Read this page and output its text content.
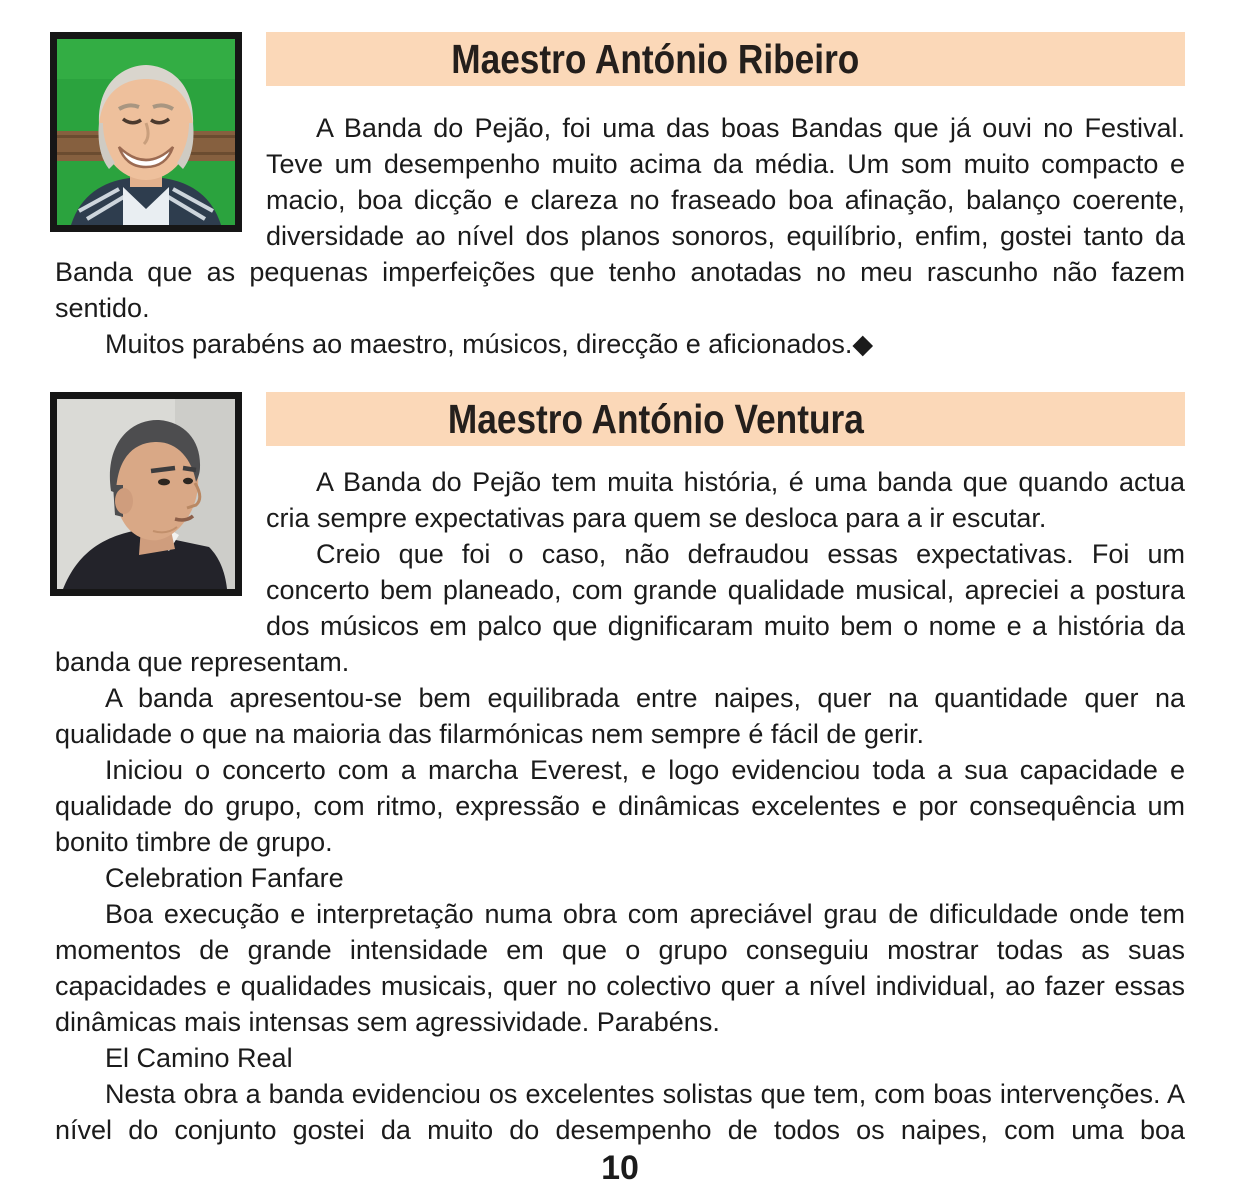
Maestro António Ribeiro

A Banda do Pejão, foi uma das boas Bandas que já ouvi no Festival. Teve um desempenho muito acima da média. Um som muito compacto e macio, boa dicção e clareza no fraseado boa afinação, balanço coerente, diversidade ao nível dos planos sonoros, equilíbrio, enfim, gostei tanto da Banda que as pequenas imperfeições que tenho anotadas no meu rascunho não fazem sentido.

Muitos parabéns ao maestro, músicos, direcção e aficionados.◆

Maestro António Ventura

A Banda do Pejão tem muita história, é uma banda que quando actua cria sempre expectativas para quem se desloca para a ir escutar.

Creio que foi o caso, não defraudou essas expectativas. Foi um concerto bem planeado, com grande qualidade musical, apreciei a postura dos músicos em palco que dignificaram muito bem o nome e a história da banda que representam.

A banda apresentou-se bem equilibrada entre naipes, quer na quantidade quer na qualidade o que na maioria das filarmónicas nem sempre é fácil de gerir.

Iniciou o concerto com a marcha Everest, e logo evidenciou toda a sua capacidade e qualidade do grupo, com ritmo, expressão e dinâmicas excelentes e por consequência um bonito timbre de grupo.

Celebration Fanfare

Boa execução e interpretação numa obra com apreciável grau de dificuldade onde tem momentos de grande intensidade em que o grupo conseguiu mostrar todas as suas capacidades e qualidades musicais, quer no colectivo quer a nível individual, ao fazer essas dinâmicas mais intensas sem agressividade. Parabéns.

El Camino Real

Nesta obra a banda evidenciou os excelentes solistas que tem, com boas intervenções. A nível do conjunto gostei da muito do desempenho de todos os naipes, com uma boa

10
